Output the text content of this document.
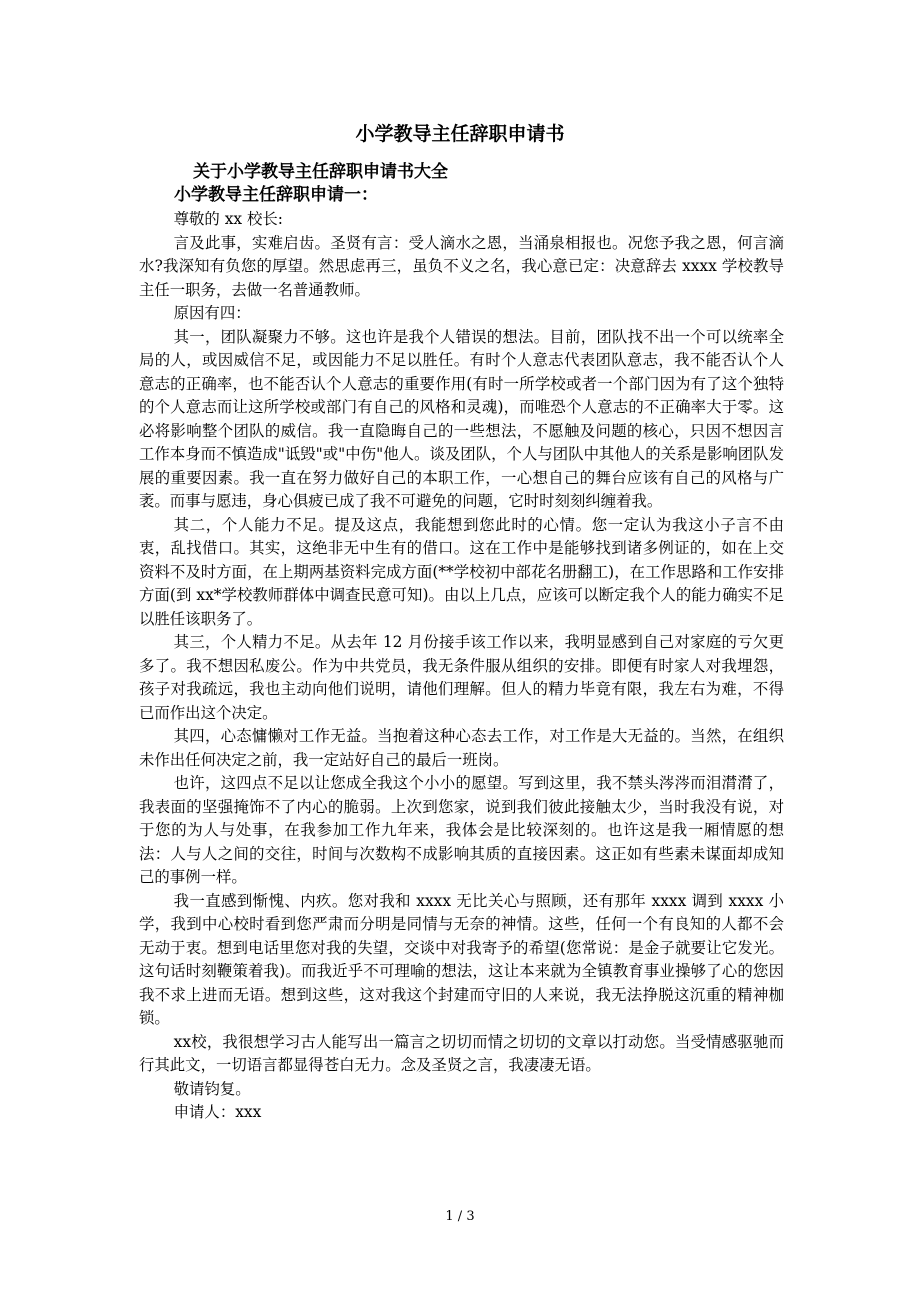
小学教导主任辞职申请书
关于小学教导主任辞职申请书大全
小学教导主任辞职申请一：

尊敬的 xx 校长:

言及此事，实难启齿。圣贤有言：受人滴水之恩，当涌泉相报也。况您予我之恩，何言滴水?我深知有负您的厚望。然思虑再三，虽负不义之名，我心意已定：决意辞去 xxxx 学校教导主任一职务，去做一名普通教师。

原因有四：

其一，团队凝聚力不够。这也许是我个人错误的想法。目前，团队找不出一个可以统率全局的人，或因威信不足，或因能力不足以胜任。有时个人意志代表团队意志，我不能否认个人意志的正确率，也不能否认个人意志的重要作用(有时一所学校或者一个部门因为有了这个独特的个人意志而让这所学校或部门有自己的风格和灵魂)，而唯恐个人意志的不正确率大于零。这必将影响整个团队的威信。我一直隐晦自己的一些想法，不愿触及问题的核心，只因不想因言工作本身而不慎造成"诋毁"或"中伤"他人。谈及团队，个人与团队中其他人的关系是影响团队发展的重要因素。我一直在努力做好自己的本职工作，一心想自己的舞台应该有自己的风格与广袤。而事与愿违，身心俱疲已成了我不可避免的问题，它时时刻刻纠缠着我。

其二，个人能力不足。提及这点，我能想到您此时的心情。您一定认为我这小子言不由衷，乱找借口。其实，这绝非无中生有的借口。这在工作中是能够找到诸多例证的，如在上交资料不及时方面，在上期两基资料完成方面(**学校初中部花名册翻工)，在工作思路和工作安排方面(到 xx*学校教师群体中调查民意可知)。由以上几点，应该可以断定我个人的能力确实不足以胜任该职务了。

其三，个人精力不足。从去年 12 月份接手该工作以来，我明显感到自己对家庭的亏欠更多了。我不想因私废公。作为中共党员，我无条件服从组织的安排。即便有时家人对我埋怨，孩子对我疏远，我也主动向他们说明，请他们理解。但人的精力毕竟有限，我左右为难，不得已而作出这个决定。

其四，心态慵懒对工作无益。当抱着这种心态去工作，对工作是大无益的。当然，在组织未作出任何决定之前，我一定站好自己的最后一班岗。

也许，这四点不足以让您成全我这个小小的愿望。写到这里，我不禁头涔涔而泪潸潸了，我表面的坚强掩饰不了内心的脆弱。上次到您家，说到我们彼此接触太少，当时我没有说，对于您的为人与处事，在我参加工作九年来，我体会是比较深刻的。也许这是我一厢情愿的想法：人与人之间的交往，时间与次数构不成影响其质的直接因素。这正如有些素未谋面却成知己的事例一样。

我一直感到惭愧、内疚。您对我和 xxxx 无比关心与照顾，还有那年 xxxx 调到 xxxx 小学，我到中心校时看到您严肃而分明是同情与无奈的神情。这些，任何一个有良知的人都不会无动于衷。想到电话里您对我的失望，交谈中对我寄予的希望(您常说：是金子就要让它发光。这句话时刻鞭策着我)。而我近乎不可理喻的想法，这让本来就为全镇教育事业操够了心的您因我不求上进而无语。想到这些，这对我这个封建而守旧的人来说，我无法挣脱这沉重的精神枷锁。

xx校，我很想学习古人能写出一篇言之切切而情之切切的文章以打动您。当受情感驱驰而行其此文，一切语言都显得苍白无力。念及圣贤之言，我凄凄无语。

敬请钧复。

申请人：xxx

1 / 3
